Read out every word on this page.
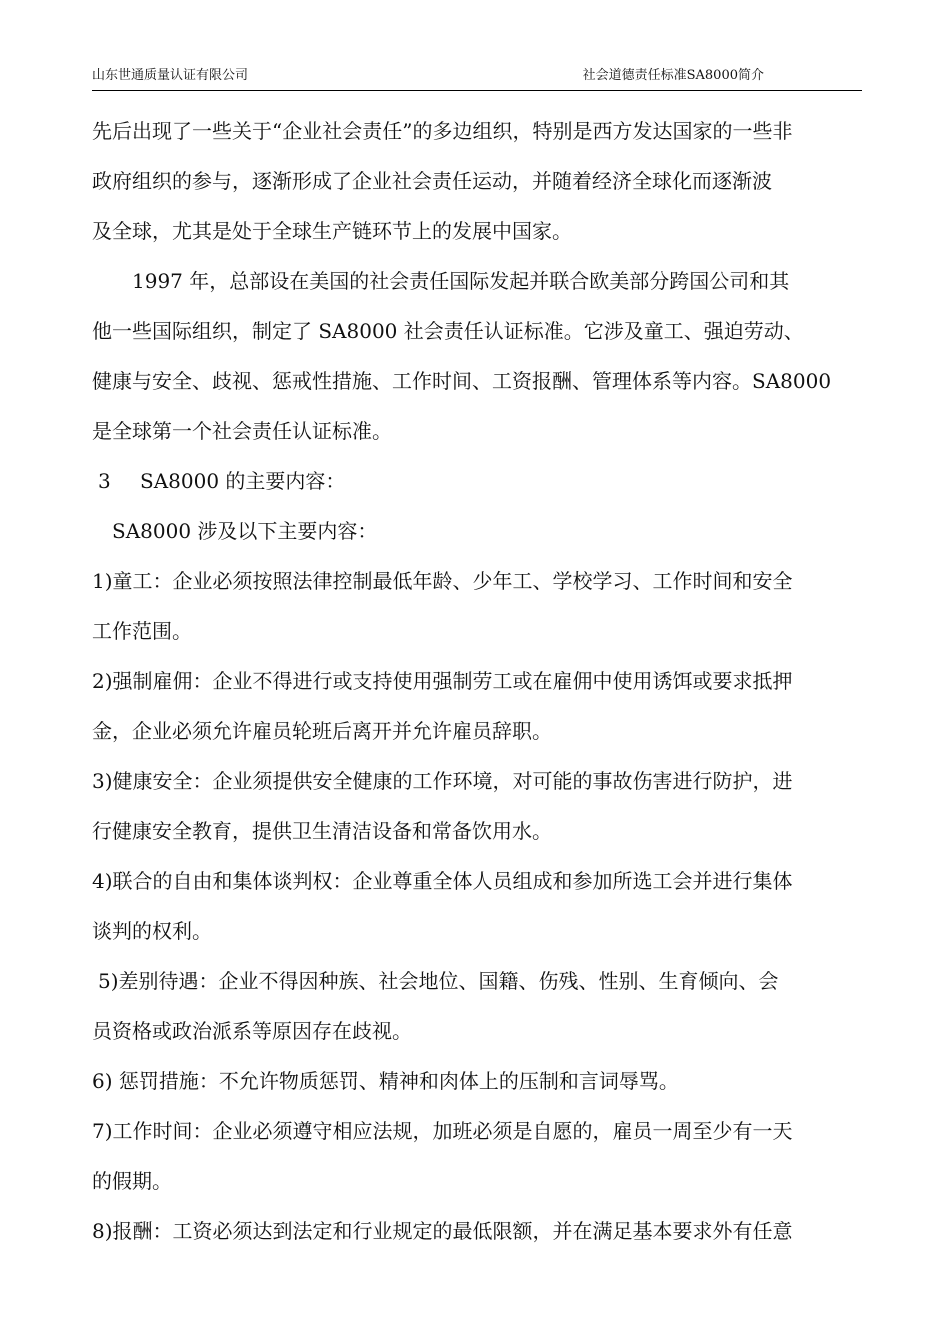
山东世通质量认证有限公司	社会道德责任标准SA8000简介
先后出现了一些关于“企业社会责任”的多边组织，特别是西方发达国家的一些非
政府组织的参与，逐渐形成了企业社会责任运动，并随着经济全球化而逐渐波
及全球，尤其是处于全球生产链环节上的发展中国家。
1997 年，总部设在美国的社会责任国际发起并联合欧美部分跨国公司和其
他一些国际组织，制定了 SA8000 社会责任认证标准。它涉及童工、强迫劳动、
健康与安全、歧视、惩戒性措施、工作时间、工资报酬、管理体系等内容。SA8000
是全球第一个社会责任认证标准。
3 SA8000 的主要内容：
SA8000 涉及以下主要内容：
1)童工：企业必须按照法律控制最低年龄、少年工、学校学习、工作时间和安全
工作范围。
2)强制雇佣：企业不得进行或支持使用强制劳工或在雇佣中使用诱饵或要求抵押
金，企业必须允许雇员轮班后离开并允许雇员辞职。
3)健康安全：企业须提供安全健康的工作环境，对可能的事故伤害进行防护，进
行健康安全教育，提供卫生清洁设备和常备饮用水。
4)联合的自由和集体谈判权：企业尊重全体人员组成和参加所选工会并进行集体
谈判的权利。
5)差别待遇：企业不得因种族、社会地位、国籍、伤残、性别、生育倾向、会
员资格或政治派系等原因存在歧视。
6) 惩罚措施：不允许物质惩罚、精神和肉体上的压制和言词辱骂。
7)工作时间：企业必须遵守相应法规，加班必须是自愿的，雇员一周至少有一天
的假期。
8)报酬：工资必须达到法定和行业规定的最低限额，并在满足基本要求外有任意
